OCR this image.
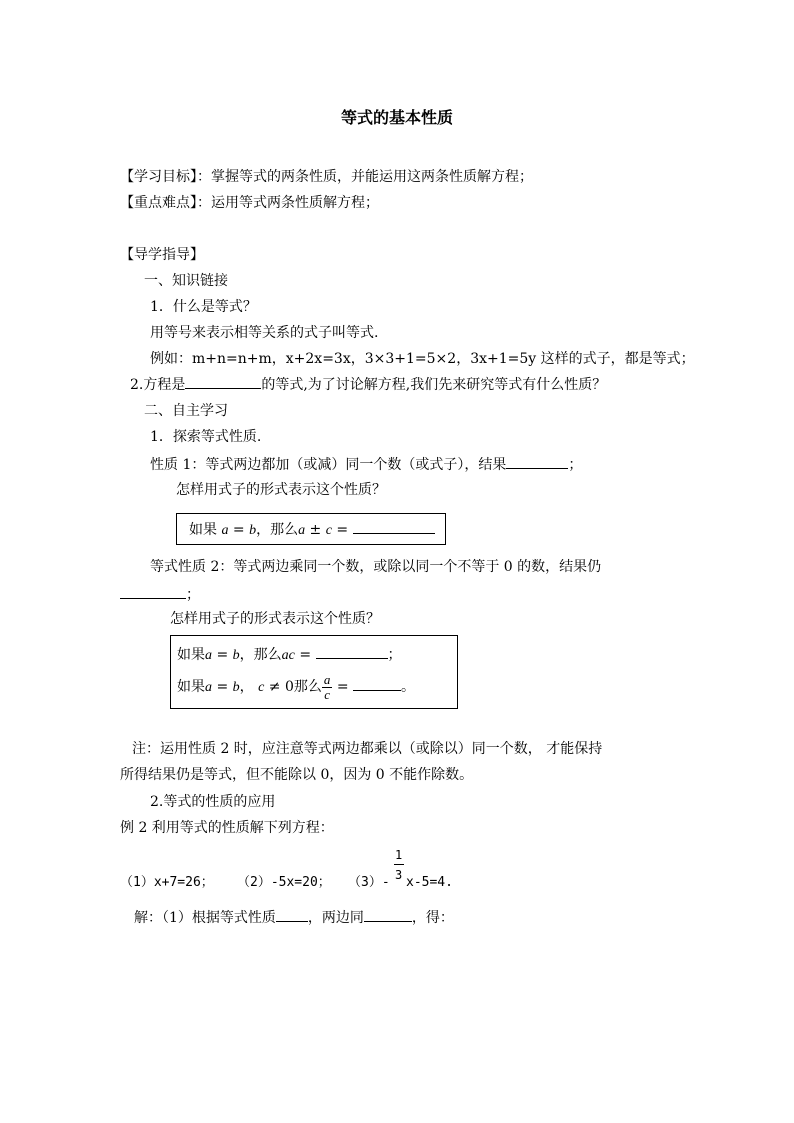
等式的基本性质
【学习目标】：掌握等式的两条性质，并能运用这两条性质解方程；
【重点难点】：运用等式两条性质解方程；
【导学指导】
一、知识链接
1．什么是等式？
用等号来表示相等关系的式子叫等式.
例如：m+n=n+m，x+2x=3x，3×3+1=5×2，3x+1=5y 这样的式子，都是等式；
2.方程是	的等式,为了讨论解方程,我们先来研究等式有什么性质？
二、自主学习
1．探索等式性质.
性质 1：等式两边都加（或减）同一个数（或式子），结果	；
怎样用式子的形式表示这个性质？
如果 a = b，那么a ± c =
等式性质 2：等式两边乘同一个数，或除以同一个不等于 0 的数，结果仍
；
怎样用式子的形式表示这个性质？
如果a = b，那么ac =	；
如果a = b， c ≠ 0那么 $\frac{a}{c}$ =	。
注：运用性质 2 时，应注意等式两边都乘以（或除以）同一个数， 才能保持
所得结果仍是等式，但不能除以 0，因为 0 不能作除数。
2.等式的性质的应用
例 2 利用等式的性质解下列方程：
（1）x+7=26； （2）-5x=20； （3）-
1
3 x-5=4.
解：（1）根据等式性质 ，两边同	，得：
